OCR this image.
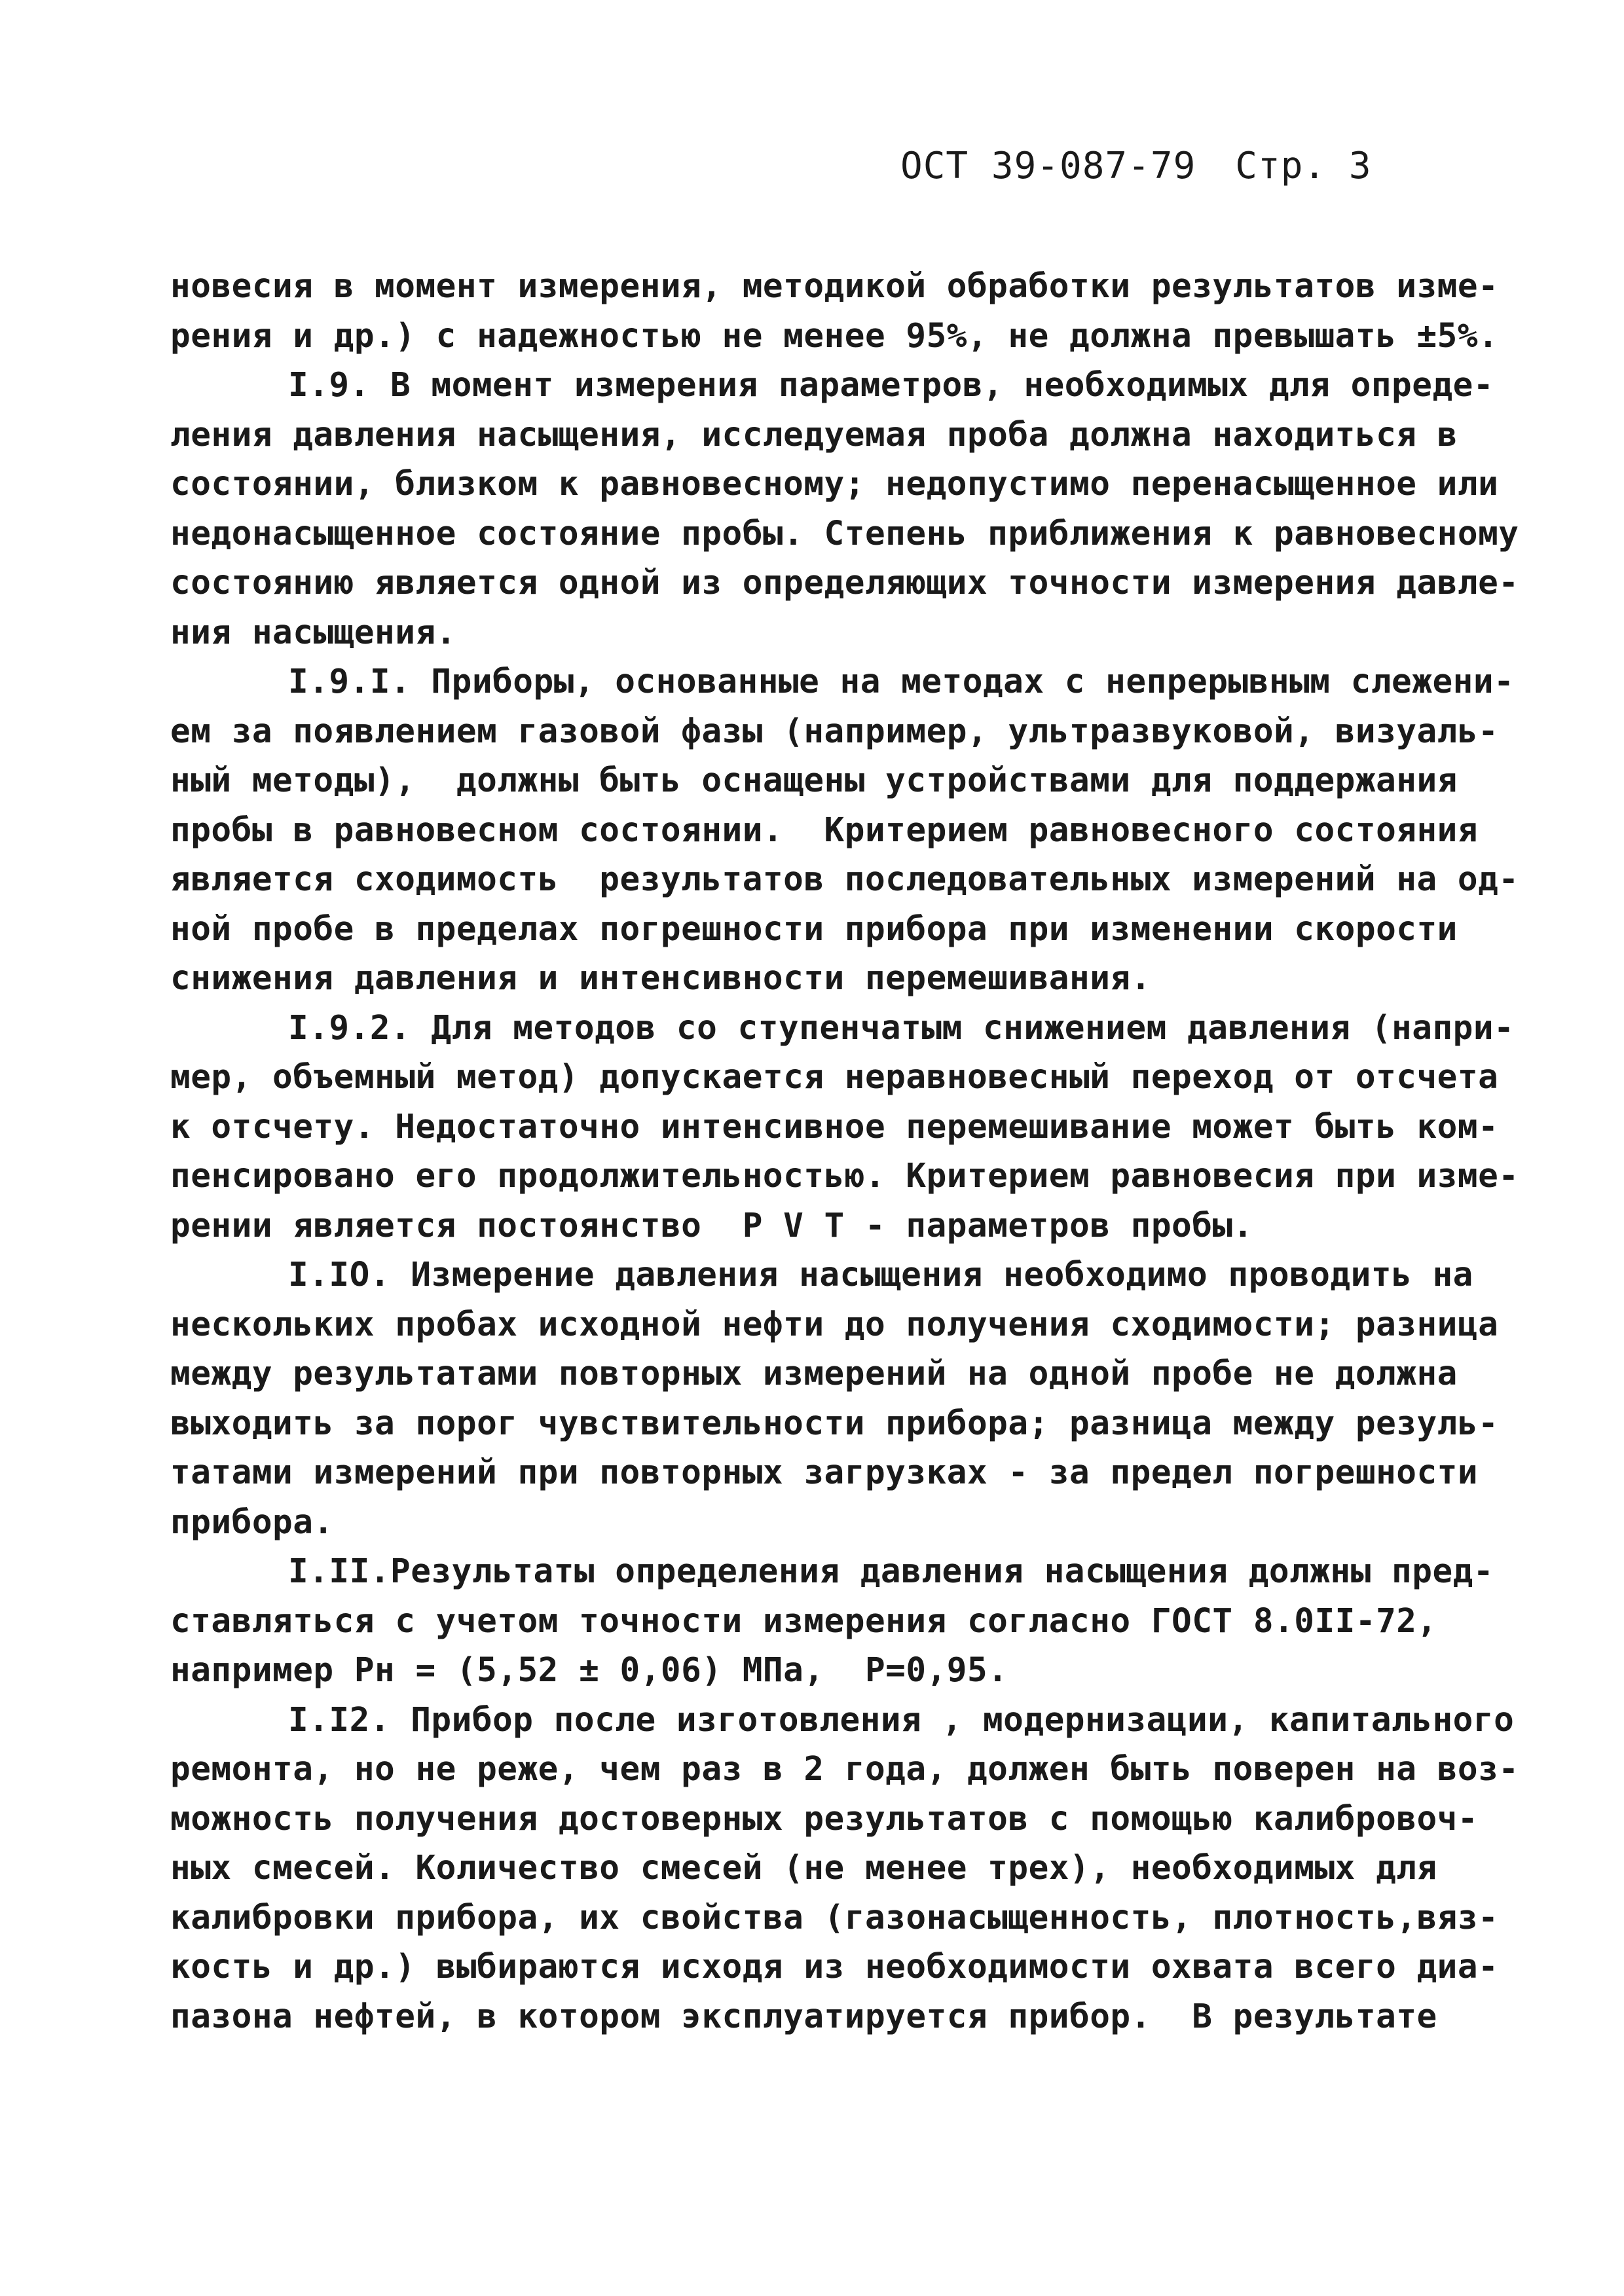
ОСТ 39-087-79 Стр. 3
новесия в момент измерения, методикой обработки результатов изме-
рения и др.) с надежностью не менее 95%, не должна превышать ±5%.
I.9. В момент измерения параметров, необходимых для опреде-
ления давления насыщения, исследуемая проба должна находиться в
состоянии, близком к равновесному; недопустимо перенасыщенное или
недонасыщенное состояние пробы. Степень приближения к равновесному
состоянию является одной из определяющих точности измерения давле-
ния насыщения.
I.9.I. Приборы, основанные на методах с непрерывным слежени-
ем за появлением газовой фазы (например, ультразвуковой, визуаль-
ный методы),  должны быть оснащены устройствами для поддержания
пробы в равновесном состоянии.  Критерием равновесного состояния
является сходимость  результатов последовательных измерений на од-
ной пробе в пределах погрешности прибора при изменении скорости
снижения давления и интенсивности перемешивания.
I.9.2. Для методов со ступенчатым снижением давления (напри-
мер, объемный метод) допускается неравновесный переход от отсчета
к отсчету. Недостаточно интенсивное перемешивание может быть ком-
пенсировано его продолжительностью. Критерием равновесия при изме-
рении является постоянство  P V T - параметров пробы.
I.IO. Измерение давления насыщения необходимо проводить на
нескольких пробах исходной нефти до получения сходимости; разница
между результатами повторных измерений на одной пробе не должна
выходить за порог чувствительности прибора; разница между резуль-
татами измерений при повторных загрузках - за предел погрешности
прибора.
I.II.Результаты определения давления насыщения должны пред-
ставляться с учетом точности измерения согласно ГОСТ 8.0II-72,
например Pн = (5,52 ± 0,06) МПа,  P=0,95.
I.I2. Прибор после изготовления , модернизации, капитального
ремонта, но не реже, чем раз в 2 года, должен быть поверен на воз-
можность получения достоверных результатов с помощью калибровоч-
ных смесей. Количество смесей (не менее трех), необходимых для
калибровки прибора, их свойства (газонасыщенность, плотность,вяз-
кость и др.) выбираются исходя из необходимости охвата всего диа-
пазона нефтей, в котором эксплуатируется прибор.  В результате
